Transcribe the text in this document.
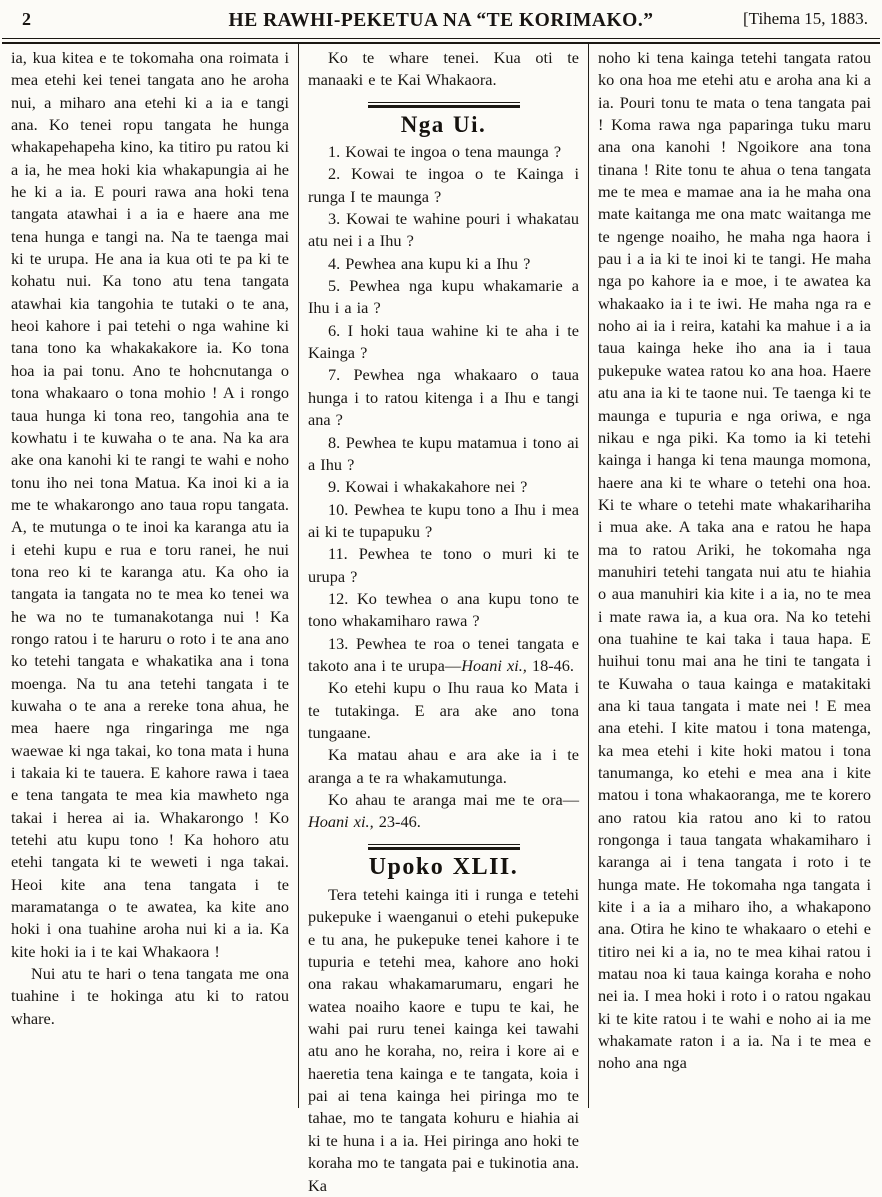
2	HE RAWHI-PEKETUA NA “TE KORIMAKO.”	[Tihema 15, 1883.

ia, kua kitea e te tokomaha ona roimata i mea etehi kei tenei tangata ano he aroha nui, a miharo ana etehi ki a ia e tangi ana. Ko tenei ropu tangata he hunga whakapehapeha kino, ka titiro pu ratou ki a ia, he mea hoki kia whakapungia ai he he ki a ia. E pouri rawa ana hoki tena tangata atawhai i a ia e haere ana me tena hunga e tangi na. Na te taenga mai ki te urupa. He ana ia kua oti te pa ki te kohatu nui. Ka tono atu tena tangata atawhai kia tangohia te tutaki o te ana, heoi kahore i pai tetehi o nga wahine ki tana tono ka whakakakore ia. Ko tona hoa ia pai tonu. Ano te hohcnutanga o tona whakaaro o tona mohio ! A i rongo taua hunga ki tona reo, tangohia ana te kowhatu i te kuwaha o te ana. Na ka ara ake ona kanohi ki te rangi te wahi e noho tonu iho nei tona Matua. Ka inoi ki a ia me te whakarongo ano taua ropu tangata. A, te mutunga o te inoi ka karanga atu ia i etehi kupu e rua e toru ranei, he nui tona reo ki te karanga atu. Ka oho ia tangata ia tangata no te mea ko tenei wa he wa no te tumanakotanga nui ! Ka rongo ratou i te haruru o roto i te ana ano ko tetehi tangata e whakatika ana i tona moenga. Na tu ana tetehi tangata i te kuwaha o te ana a rereke tona ahua, he mea haere nga ringaringa me nga waewae ki nga takai, ko tona mata i huna i takaia ki te tauera. E kahore rawa i taea e tena tangata te mea kia mawheto nga takai i herea ai ia. Whakarongo ! Ko tetehi atu kupu tono ! Ka hohoro atu etehi tangata ki te weweti i nga takai. Heoi kite ana tena tangata i te maramatanga o te awatea, ka kite ano hoki i ona tuahine aroha nui ki a ia. Ka kite hoki ia i te kai Whakaora !

Nui atu te hari o tena tangata me ona tuahine i te hokinga atu ki to ratou whare.

Ko te whare tenei. Kua oti te manaaki e te Kai Whakaora.

Nga Ui.

1. Kowai te ingoa o tena maunga ?

2. Kowai te ingoa o te Kainga i runga I te maunga ?

3. Kowai te wahine pouri i whakatau atu nei i a Ihu ?

4. Pewhea ana kupu ki a Ihu ?

5. Pewhea nga kupu whakamarie a Ihu i a ia ?

6. I hoki taua wahine ki te aha i te Kainga ?

7. Pewhea nga whakaaro o taua hunga i to ratou kitenga i a Ihu e tangi ana ?

8. Pewhea te kupu matamua i tono ai a Ihu ?

9. Kowai i whakakahore nei ?

10. Pewhea te kupu tono a Ihu i mea ai ki te tupapuku ?

11. Pewhea te tono o muri ki te urupa ?

12. Ko tewhea o ana kupu tono te tono whakamiharo rawa ?

13. Pewhea te roa o tenei tangata e takoto ana i te urupa—Hoani xi., 18-46.

Ko etehi kupu o Ihu raua ko Mata i te tutakinga. E ara ake ano tona tungaane.

Ka matau ahau e ara ake ia i te aranga a te ra whakamutunga.

Ko ahau te aranga mai me te ora—Hoani xi., 23-46.

Upoko XLII.

Tera tetehi kainga iti i runga e tetehi pukepuke i waenganui o etehi pukepuke e tu ana, he pukepuke tenei kahore i te tupuria e tetehi mea, kahore ano hoki ona rakau whakamarumaru, engari he watea noaiho kaore e tupu te kai, he wahi pai ruru tenei kainga kei tawahi atu ano he koraha, no, reira i kore ai e haeretia tena kainga e te tangata, koia i pai ai tena kainga hei piringa mo te tahae, mo te tangata kohuru e hiahia ai ki te huna i a ia. Hei piringa ano hoki te koraha mo te tangata pai e tukinotia ana. Ka

noho ki tena kainga tetehi tangata ratou ko ona hoa me etehi atu e aroha ana ki a ia. Pouri tonu te mata o tena tangata pai ! Koma rawa nga paparinga tuku maru ana ona kanohi ! Ngoikore ana tona tinana ! Rite tonu te ahua o tena tangata me te mea e mamae ana ia he maha ona mate kaitanga me ona matc waitanga me te ngenge noaiho, he maha nga haora i pau i a ia ki te inoi ki te tangi. He maha nga po kahore ia e moe, i te awatea ka whakaako ia i te iwi. He maha nga ra e noho ai ia i reira, katahi ka mahue i a ia taua kainga heke iho ana ia i taua pukepuke watea ratou ko ana hoa. Haere atu ana ia ki te taone nui. Te taenga ki te maunga e tupuria e nga oriwa, e nga nikau e nga piki. Ka tomo ia ki tetehi kainga i hanga ki tena maunga momona, haere ana ki te whare o tetehi ona hoa. Ki te whare o tetehi mate whakarihariha i mua ake. A taka ana e ratou he hapa ma to ratou Ariki, he tokomaha nga manuhiri tetehi tangata nui atu te hiahia o aua manuhiri kia kite i a ia, no te mea i mate rawa ia, a kua ora. Na ko tetehi ona tuahine te kai taka i taua hapa. E huihui tonu mai ana he tini te tangata i te Kuwaha o taua kainga e matakitaki ana ki taua tangata i mate nei ! E mea ana etehi. I kite matou i tona matenga, ka mea etehi i kite hoki matou i tona tanumanga, ko etehi e mea ana i kite matou i tona whakaoranga, me te korero ano ratou kia ratou ano ki to ratou rongonga i taua tangata whakamiharo i karanga ai i tena tangata i roto i te hunga mate. He tokomaha nga tangata i kite i a ia a miharo iho, a whakapono ana. Otira he kino te whakaaro o etehi e titiro nei ki a ia, no te mea kihai ratou i matau noa ki taua kainga koraha e noho nei ia. I mea hoki i roto i o ratou ngakau ki te kite ratou i te wahi e noho ai ia me whakamate raton i a ia. Na i te mea e noho ana nga
